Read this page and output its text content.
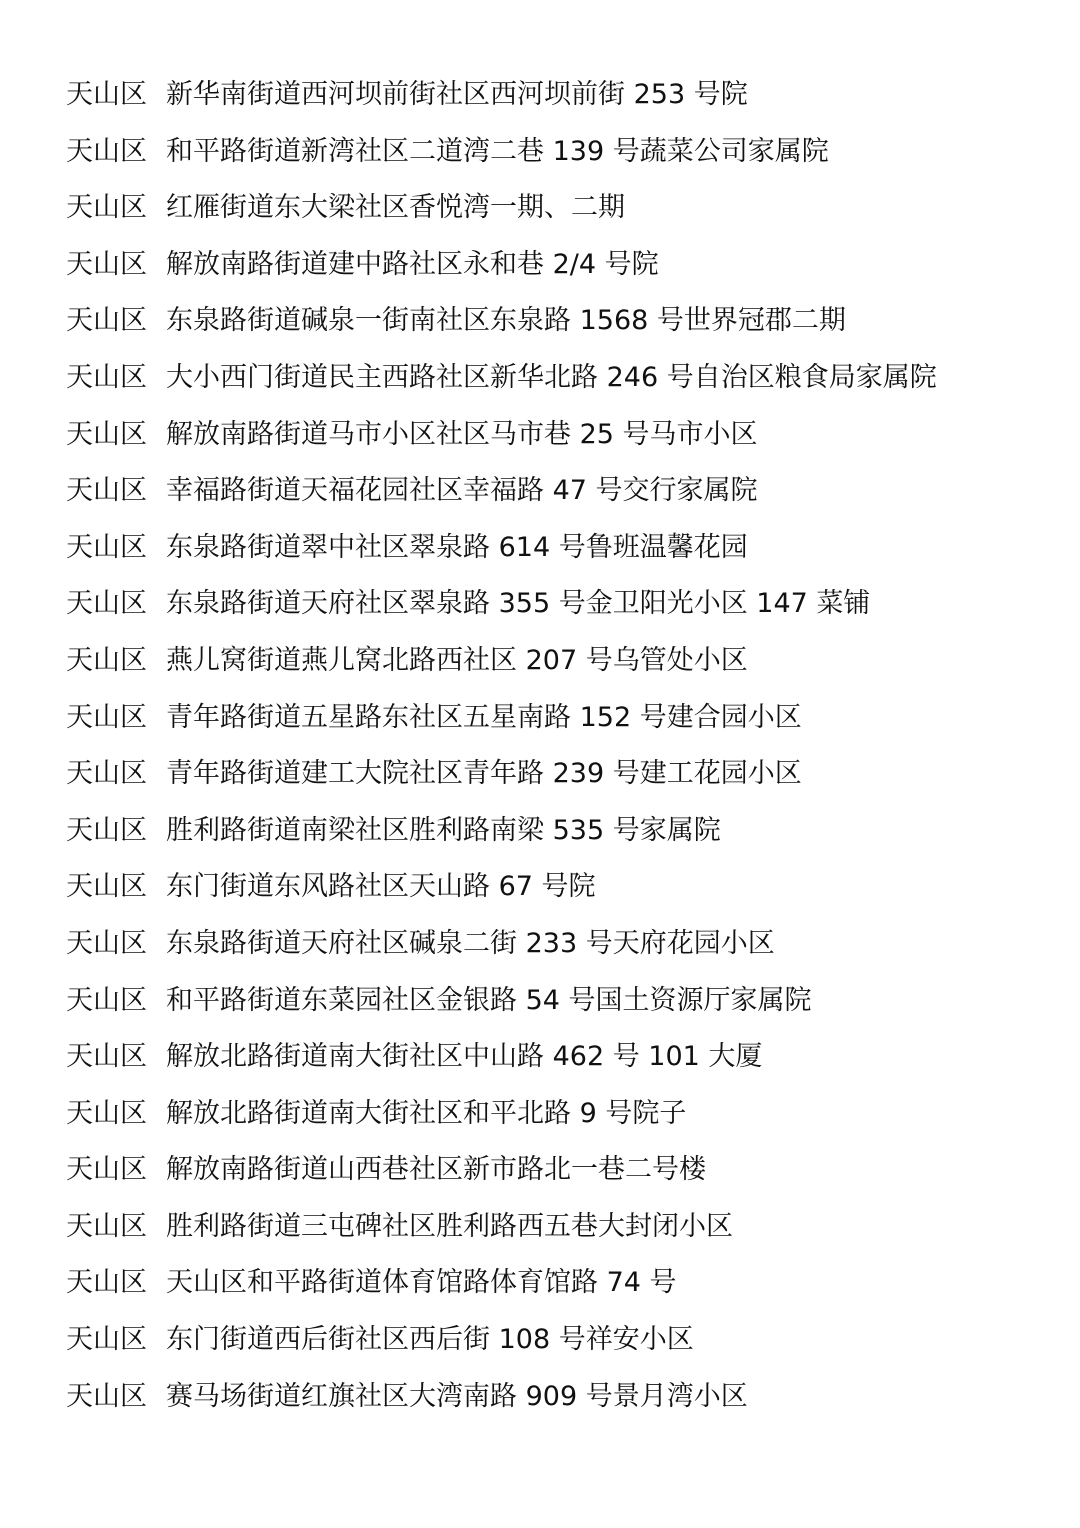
天山区 新华南街道西河坝前街社区西河坝前街 253 号院
天山区 和平路街道新湾社区二道湾二巷 139 号蔬菜公司家属院
天山区 红雁街道东大梁社区香悦湾一期、二期
天山区 解放南路街道建中路社区永和巷 2/4 号院
天山区 东泉路街道碱泉一街南社区东泉路 1568 号世界冠郡二期
天山区 大小西门街道民主西路社区新华北路 246 号自治区粮食局家属院
天山区 解放南路街道马市小区社区马市巷 25 号马市小区
天山区 幸福路街道天福花园社区幸福路 47 号交行家属院
天山区 东泉路街道翠中社区翠泉路 614 号鲁班温馨花园
天山区 东泉路街道天府社区翠泉路 355 号金卫阳光小区 147 菜铺
天山区 燕儿窝街道燕儿窝北路西社区 207 号乌管处小区
天山区 青年路街道五星路东社区五星南路 152 号建合园小区
天山区 青年路街道建工大院社区青年路 239 号建工花园小区
天山区 胜利路街道南梁社区胜利路南梁 535 号家属院
天山区 东门街道东风路社区天山路 67 号院
天山区 东泉路街道天府社区碱泉二街 233 号天府花园小区
天山区 和平路街道东菜园社区金银路 54 号国土资源厅家属院
天山区 解放北路街道南大街社区中山路 462 号 101 大厦
天山区 解放北路街道南大街社区和平北路 9 号院子
天山区 解放南路街道山西巷社区新市路北一巷二号楼
天山区 胜利路街道三屯碑社区胜利路西五巷大封闭小区
天山区 天山区和平路街道体育馆路体育馆路 74 号
天山区 东门街道西后街社区西后街 108 号祥安小区
天山区 赛马场街道红旗社区大湾南路 909 号景月湾小区
